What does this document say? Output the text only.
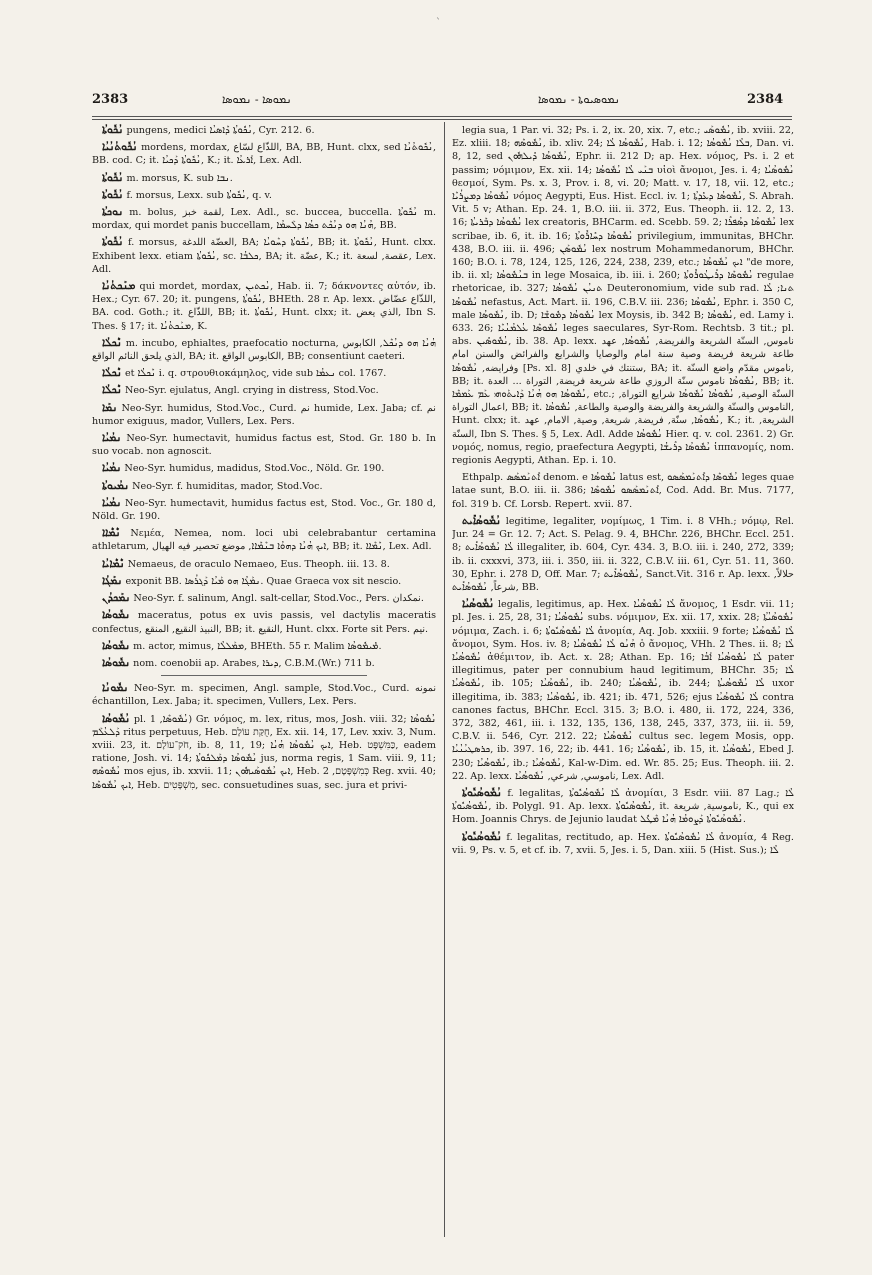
`
2383	ܢܡܘܣܐ - ܢܡܘܣܐ	ܢܡܘܣܝܘܬܐ - ܢܡܘܣܐ	2384

ܢܳܟܽܘܬܳܐ pungens, medici ܢܳܟܽܘܬܳܐ ܕܶܐܣܝܳܐ, Cyr. 212. 6.

ܢܳܟܽܘܬܳܢܳܝܳܐ mordens, mordax, اللذّاع لسّاع, BA, BB, Hunt. clxx, sed ܢܳܟܽܘܬܳܢܳܐ, BB. cod. C; it. ܢܳܟܽܘܬܳܐ ܕܰܟܝܳܐ, K.; it. ܐܰܪܥܳܐ, Lex. Adl.

ܢܳܟܽܘܬܳܐ m. morsus, K. sub ܢܒܐ.

ܢܳܟܽܘܬܳܐ f. morsus, Lexx. sub ܢܳܟܽܘܬܳܐ, q. v.

ܢܘܟܬܳܐ m. bolus, لقمة خبز, Lex. Adl., sc. buccea, buccella. ܢܳܟܽܘܬܳܐ m. mordax, qui mordet panis buccellam, ܗܳܢܳܐ ܗܘ ܕܢܳܟܶܬ ܟܣܳܐ ܕܠܰܚܡܳܐ, BB.

ܢܳܟܽܘܬܳܐ f. morsus, العضّة اللدغة, BA; ܢܳܟܽܘܬܳܐ ܕܚܶܘܝܳܐ, BB; it. ܢܳܟܽܘܬܳܐ, Hunt. clxx. Exhibent lexx. etiam ܢܳܟܽܘܬܳܐ, sc. ܟܠܒܳܐ, BA; it. عضّة, K.; it. عقصة, لسعة, Lex. Adl.

ܡܢܰܟܬܳܢܳܐ qui mordet, mordax, ܢܳܟܬܝܢ, Hab. ii. 7; δάκνοντες αὐτόν, ib. Hex.; Cyr. 67. 20; it. pungens, ܢܳܟܽܘܬܳܐ, BHEth. 28 r. Ap. lexx. اللذّاع عضّاض, BA. cod. Goth.; it. اللذّاع, BB; it. ܢܳܟܽܘܬܳܐ, Hunt. clxx; it. الذي يعض, Ibn S. Thes. § 17; it. ܡܢܰܟܬܳܢܳܐ, K.

ܢܶܟܠܳܐ m. incubo, ephialtes, praefocatio nocturna, ܗܳܢܳܐ ܗܘ ܕܢܳܟܶܠ, الكابوس الذي يلحق النائم الواقع, BA; it. الكابوس الواقع, BB; consentiunt caeteri.

ܢܶܟܠܳܐ et ܢܶܟܠܳܐ i. q. στρουθιοκάμηλος, vide sub ܢܥܡܳܐ col. 1767.

ܢܶܟܠܳܐ Neo-Syr. ejulatus, Angl. crying in distress, Stod.Voc.

ܢܡܰܐ Neo-Syr. humidus, Stod.Voc., Curd. نم humide, Lex. Jaba; cf. نم humor exiguus, mador, Vullers, Lex. Pers.

ܢܡܳܝܳܐ Neo-Syr. humectavit, humidus factus est, Stod. Gr. 180 b. In suo vocab. non agnoscit.

ܢܡܳܝܳܐ Neo-Syr. humidus, madidus, Stod.Voc., Nöld. Gr. 190.

ܢܡܳܝܘܬܳܐ Neo-Syr. f. humiditas, mador, Stod.Voc.

ܢܡܳܝܳܐ Neo-Syr. humectavit, humidus factus est, Stod. Voc., Gr. 180 d, Nöld. Gr. 190.

ܢܶܡܶܐܐ Νεμέα, Nemea, nom. loci ubi celebrabantur certamina athletarum, ܐܝܟ ܗܳܢܳܐ ܕܗܘܳܐ ܒܢܶܡܶܐܐ, موضع تحصير فيه الهيال, BB; it. ܢܶܡܶܐܐ, Lex. Adl.

ܢܶܡܶܐܝܳܐ Nemaeus, de oraculo Nemaeo, Eus. Theoph. iii. 13. 8.

ܢܡܰܓܳܐ exponit BB. ܢܡܰܓܳܐ ܗܘ ܡܰܝܳܐ ܕܰܓܪܳܣܐ. Quae Graeca vox sit nescio.

ܢܡܰܟܕܳܢ Neo-Syr. f. salinum, Angl. salt-cellar, Stod.Voc., Pers. نمكدان.

ܢܡܽܘܣܳܐ maceratus, potus ex uvis passis, vel dactylis maceratis confectus, النبيذ النقيع, المنقع, BB; it. النقيع, Hunt. clxx. Forte sit Pers. نيم.

ܢܡܽܘܣܳܐ m. actor, mimus, ܡܡܰܠܠܳܐ, BHEth. 55 r. Malim ܡܺܝܡܽܘܣܳܐ.

ܢܡܽܘܣܳܐ nom. coenobii ap. Arabes, ܕܝܪܐ, C.B.M.(Wr.) 711 b.

ܢܡܽܘܢܳܐ Neo-Syr. m. specimen, Angl. sample, Stod.Voc., Curd. نمونه échantillon, Lex. Jaba; it. specimen, Vullers, Lex. Pers.

ܢܳܡܽܘܣܳܐ pl. ܢܳܡܽܘܣܶܐ, 1) Gr. νόμος, m. lex, ritus, mos, Josh. viii. 32; ܢܳܡܽܘܣܳܐ ܕܰܠܥܳܠܰܡ ritus perpetuus, Heb. חֻקַּת עוֹלָם, Ex. xii. 14, 17, Lev. xxiv. 3, Num. xviii. 23, it. חֹק־עוֹלָם, ib. 8, 11, 19; ܐܝܟ ܢܳܡܽܘܣܳܐ ܗܳܢܳܐ, Heb. כַּמִּשְׁפָּט, eadem ratione, Josh. vi. 14; ܢܳܡܽܘܣܳܐ ܕܡܰܠܟܽܘܬܳܐ jus, norma regis, 1 Sam. viii. 9, 11; ܢܳܡܽܘܣܶܗ mos ejus, ib. xxvii. 11; ܐܝܟ ܢܳܡܽܘܣܰܝܗܽܘܢ, Heb. כְּמִשְׁפָּטָם, 2 Reg. xvii. 40; ܐܝܟ ܢܳܡܽܘܣܶܐ, Heb. מִשְׁפָּטִים, sec. consuetudines suas, sec. jura et privi-

legia sua, 1 Par. vi. 32; Ps. i. 2, ix. 20, xix. 7, etc.; ܢܳܡܽܘܣܰܝ, ib. xviii. 22, Ez. xliii. 18; ܢܳܡܽܘܣܶܗ, ib. xliv. 24; ܢܳܡܽܘܣܳܐ ܠܳܐ, Hab. i. 12; ܒܠܳܐ ܢܳܡܽܘܣܳܐ, Dan. vi. 8, 12, sed ܢܳܡܽܘܣܳܐ ܕܺܝܠܗܽܘܢ, Ephr. ii. 212 D; ap. Hex. νόμος, Ps. i. 2 et passim; νόμιμον, Ex. xii. 14; ܒܢܰܝ ܠܳܐ ܢܳܡܽܘܣܳܐ υἱοὶ ἄνομοι, Jes. i. 4; ܢܳܡܽܘܣܳܝܳܐ θεσμοί, Sym. Ps. x. 3, Prov. i. 8, vi. 20; Matt. v. 17, 18, vii. 12, etc.; ܢܳܡܽܘܣܳܐ ܕܡܨܪܳܝܶܐ νόμος Aegypti, Eus. Hist. Eccl. iv. 1; ܢܳܡܽܘܣܳܐ ܕܥܺܕܬܳܐ, S. Abrah. Vit. 5 v; Athan. Ep. 24. 1, B.O. iii. ii. 372, Eus. Theoph. ii. 12. 2, 13. 16; ܢܳܡܽܘܣܳܐ ܕܒܶܪܝܬܳܐ lex creatoris, BHCarm. ed. Scebb. 59. 2; ܢܳܡܽܘܣܳܐ ܕܣܳܦܪܶܐ lex scribae, ib. 6, it. ib. 16; ܢܳܡܽܘܣܳܐ ܕܚܺܐܪܽܘܬܳܐ privilegium, immunitas, BHChr. 438, B.O. iii. ii. 496; ܢܳܡܽܘܣܰܢ lex nostrum Mohammedanorum, BHChr. 160; B.O. i. 78, 124, 125, 126, 224, 238, 239, etc.; ܐܝܟ ܢܳܡܽܘܣܳܐ "de more, ib. ii. xl; ܒܢܳܡܽܘܣܳܐ in lege Mosaica, ib. iii. i. 260; ܢܳܡܽܘܣܶܐ ܕܪܺܝܛܳܘܪܽܘܬܳܐ regulae rhetoricae, ib. 327; ܬܢܝܳܢ ܢܳܡܽܘܣܳܐ Deuteronomium, vide sub rad. ܬܢܐ; ܠܳܐ ܢܳܡܽܘܣܳܐ nefastus, Act. Mart. ii. 196, C.B.V. iii. 236; ܢܳܡܽܘܣܳܐ, Ephr. i. 350 C, male ܢܳܡܽܘܣܳܐ, ib. D; ܢܳܡܽܘܣܳܐ ܕܡܽܘܫܶܐ lex Moysis, ib. 342 B; ܢܳܡܽܘܣܳܐ, ed. Lamy i. 633. 26; ܢܳܡܽܘܣܶܐ ܥܳܠܡܳܢܳܝܶܐ leges saeculares, Syr-Rom. Rechtsb. 3 tit.; pl. abs. ܢܳܡܽܘܣܺܝܢ, ib. 38. Ap. lexx. ناموس, السنّة الشريعة والفريضة, ܢܳܡܽܘܣܳܐ, عهد طاعة شريعة فريضة وصية سنة امام والوصايا والشرايع والفرائض والسنن امام وفرايضه, ܢܳܡܽܘܣܳܐ [Ps. xl. 8] ستنتك في خلدي, BA; it. ناموس مقدّم واضع السنّة, BB; it. ܢܳܡܽܘܣܳܐ ناموس سنّة الروزي طاعة شريعة فريضة, التوراة ... العدة, BB; it. ܢܳܡܽܘܣܳܐ ܗܘ ܗܳܢܳܐ ܕܰܐܝܬܰܘܗܝ ܥܰܡ ܥܰܡܡܶܐ, etc.; السنّة الوصية, ܢܳܡܽܘܣܳܐ ܢܳܡܽܘܣܳܐ شرايع التوراة, اعمال التوراة, BB; it. الناموس والسنّة والشريعة والفريضة والوصية والطاعة, ܢܳܡܽܘܣܳܐ, Hunt. clxx; it. ܢܳܡܽܘܣܳܐ, سنّة, فريضة, شريعة, وصية, الامام, عهد, K.; it. الشريعة, السنّة, Ibn S. Thes. § 5, Lex. Adl. Adde ܢܳܡܽܘܣܳܐ Hier. q. v. col. 2361. 2) Gr. νομός, nomus, regio, praefectura Aegypti, ܢܳܡܽܘܣܳܐ ܕܪܶܝܫܳܐ ἱππανομίς, nom. regionis Aegypti, Athan. Ep. i. 10.

Ethpalp. ܐܶܬܢܰܡܣܰܣ denom. e ܢܳܡܽܘܣܳܐ latus est, ܢܳܡܽܘܣܶܐ ܕܐܶܬܢܰܡܣܰܣܘ leges quae latae sunt, B.O. iii. ii. 386; ܐܶܬܢܰܡܣܰܣܘ ܢܳܡܽܘܣܶܐ, Cod. Add. Br. Mus. 7177, fol. 319 b. Cf. Lorsb. Repert. xvii. 87.

ܢܳܡܽܘܣܳܐܺܝܬ legitime, legaliter, νομίμως, 1 Tim. i. 8 VHh.; νόμῳ, Rel. Jur. 24 = Gr. 12. 7; Act. S. Pelag. 9. 4, BHChr. 226, BHChr. Eccl. 251. 8; ܠܳܐ ܢܳܡܽܘܣܳܐܺܝܬ illegaliter, ib. 604, Cyr. 434. 3, B.O. iii. i. 240, 272, 339; ib. ii. cxxxvi, 373, iii. i. 350, iii. ii. 322, C.B.V. iii. 61, Cyr. 51. 11, 360. 30, Ephr. i. 278 D, Off. Mar. 7; ܢܳܡܽܘܣܳܐܺܝܬ, Sanct.Vit. 316 r. Ap. lexx. حلالاً, شرعاً, ܢܳܡܽܘܣܳܐܺܝܬ, BB.

ܢܳܡܽܘܣܳܝܳܐ legalis, legitimus, ap. Hex. ܠܳܐ ܢܳܡܽܘܣܳܝܳܐ ἄνομος, 1 Esdr. vii. 11; pl. Jes. i. 25, 28, 31; ܢܳܡܽܘܣܳܝܳܐ subs. νόμιμον, Ex. xii. 17, xxix. 28; ܢܳܡܽܘܣܳܝܳܬܳܐ νόμιμα, Zach. i. 6; ܠܳܐ ܢܳܡܽܘܣܳܝܽܘܬܳܐ ἀνομία, Aq. Job. xxxiii. 9 forte; ܠܳܐ ܢܳܡܽܘܣܳܝܳܐ ἄνομοι, Sym. Hos. iv. 8; ܗܳܢܳܘ ܠܳܐ ܢܳܡܽܘܣܳܝܳܐ ὁ ἄνομος, VHh. 2 Thes. ii. 8; ܠܳܐ ܢܳܡܽܘܣܳܝܳܐ ἀθέμιτον, ib. Act. x. 28; Athan. Ep. 16; ܠܳܐ ܢܳܡܽܘܣܳܝܳܐ ܐܰܒܳܐ pater illegitimus, pater per connubium haud legitimum, BHChr. 35; ܠܳܐ ܢܳܡܽܘܣܳܝܳܐ, ib. 105; ܢܳܡܽܘܣܳܝܳܐ, ib. 240; ܢܳܡܽܘܣܳܝܳܐ, ib. 244; ܠܳܐ ܢܳܡܽܘܣܳܝܬܳܐ uxor illegitima, ib. 383; ܢܳܡܽܘܣܳܝܳܐ, ib. 421; ib. 471, 526; ejus ܠܳܐ ܢܳܡܽܘܣܳܝܳܐ contra canones factus, BHChr. Eccl. 315. 3; B.O. i. 480, ii. 172, 224, 336, 372, 382, 461, iii. i. 132, 135, 136, 138, 245, 337, 373, iii. ii. 59, C.B.V. ii. 546, Cyr. 212. 22; ܢܳܡܽܘܣܳܝܳܐ cultus sec. legem Mosis, opp. ܟܪܣܛܝܳܢܳܝܳܐ, ib. 397. 16, 22; ib. 441. 16; ܢܳܡܽܘܣܳܝܳܐ, ib. 15, it. ܢܳܡܽܘܣܳܝܳܐ, Ebed J. 230; ܢܳܡܽܘܣܳܝܳܐ, ib.; ܢܳܡܽܘܣܳܝܳܐ, Kal-w-Dim. ed. Wr. 85. 25; Eus. Theoph. iii. 2. 22. Ap. lexx. ناموسي, شرعي, ܢܳܡܽܘܣܳܝܳܐ, Lex. Adl.

ܢܳܡܽܘܣܳܝܽܘܬܳܐ f. legalitas, ܠܳܐ ܢܳܡܽܘܣܳܝܽܘܬܳܐ ἀνομίαι, 3 Esdr. viii. 87 Lag.; ܠܳܐ ܢܳܡܽܘܣܳܝܽܘܬܳܐ, ib. Polygl. 91. Ap. lexx. ܢܳܡܽܘܣܳܝܽܘܬܳܐ, it. ناموسية, شريعة, K., qui ex Hom. Joannis Chrys. de Jejunio laudat ܢܳܡܽܘܣܳܝܽܘܬܳܐ ܕܰܨܘܡܳܐ ܗܳܢܳܐ ܡܶܛܽܠ.

ܢܳܡܽܘܣܳܝܽܘܬܳܐ f. legalitas, rectitudo, ap. Hex. ܠܳܐ ܢܳܡܽܘܣܳܝܽܘܬܳܐ ἀνομία, 4 Reg. vii. 9, Ps. v. 5, et cf. ib. 7, xvii. 5, Jes. i. 5, Dan. xiii. 5 (Hist. Sus.); ܠܳܐ
